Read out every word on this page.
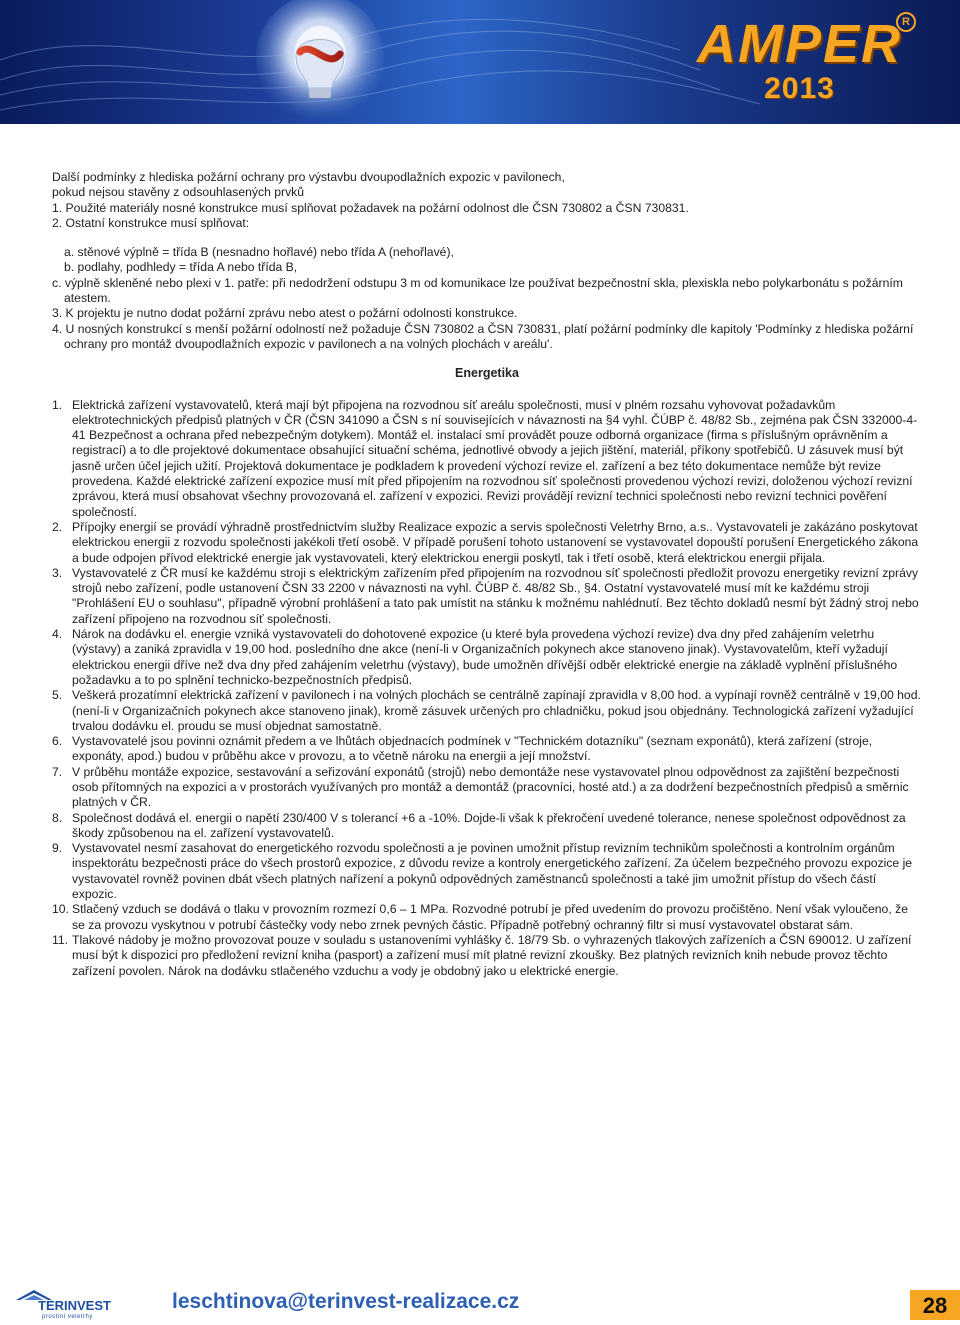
AMPER
2013
R

Další podmínky z hlediska požární ochrany pro výstavbu dvoupodlažních expozic v pavilonech,

pokud nejsou stavěny z odsouhlasených prvků

1. Použité materiály nosné konstrukce musí splňovat požadavek na požární odolnost dle ČSN 730802 a ČSN 730831.

2. Ostatní konstrukce musí splňovat:

a. stěnové výplně = třída B (nesnadno hořlavé) nebo třída A (nehořlavé),

b. podlahy, podhledy = třída A nebo třída B,

c. výplně skleněné nebo plexi v 1. patře: při nedodržení odstupu 3 m od komunikace lze používat bezpečnostní skla, plexiskla nebo polykarbonátu s požárním atestem.

3. K projektu je nutno dodat požární zprávu nebo atest o požární odolnosti konstrukce.

4. U nosných konstrukcí s menší požární odolností než požaduje ČSN 730802 a ČSN 730831, platí požární podmínky dle kapitoly 'Podmínky z hlediska požární ochrany pro montáž dvoupodlažních expozic v pavilonech a na volných plochách v areálu'.

Energetika
1. Elektrická zařízení vystavovatelů, která mají být připojena na rozvodnou síť areálu společnosti, musí v plném rozsahu vyhovovat požadavkům elektrotechnických předpisů platných v ČR (ČSN 341090 a ČSN s ní souvisejících v návaznosti na §4 vyhl. ČÚBP č. 48/82 Sb., zejména pak ČSN 332000-4-41 Bezpečnost a ochrana před nebezpečným dotykem). Montáž el. instalací smí provádět pouze odborná organizace (firma s příslušným oprávněním a registrací) a to dle projektové dokumentace obsahující situační schéma, jednotlivé obvody a jejich jištění, materiál, příkony spotřebičů. U zásuvek musí být jasně určen účel jejich užití. Projektová dokumentace je podkladem k provedení výchozí revize el. zařízení a bez této dokumentace nemůže být revize provedena. Každé elektrické zařízení expozice musí mít před připojením na rozvodnou síť společnosti provedenou výchozí revizi, doloženou výchozí revizní zprávou, která musí obsahovat všechny provozovaná el. zařízení v expozici. Revizi provádějí revizní technici společnosti nebo revizní technici pověření společností.
2. Přípojky energií se provádí výhradně prostřednictvím služby Realizace expozic a servis společnosti Veletrhy Brno, a.s.. Vystavovateli je zakázáno poskytovat elektrickou energii z rozvodu společnosti jakékoli třetí osobě. V případě porušení tohoto ustanovení se vystavovatel dopouští porušení Energetického zákona a bude odpojen přívod elektrické energie jak vystavovateli, který elektrickou energii poskytl, tak i třetí osobě, která elektrickou energii přijala.
3. Vystavovatelé z ČR musí ke každému stroji s elektrickým zařízením před připojením na rozvodnou síť společnosti předložit provozu energetiky revizní zprávy strojů nebo zařízení, podle ustanovení ČSN 33 2200 v návaznosti na vyhl. ČÚBP č. 48/82 Sb., §4. Ostatní vystavovatelé musí mít ke každému stroji "Prohlášení EU o souhlasu", případně výrobní prohlášení a tato pak umístit na stánku k možnému nahlédnutí. Bez těchto dokladů nesmí být žádný stroj nebo zařízení připojeno na rozvodnou síť společnosti.
4. Nárok na dodávku el. energie vzniká vystavovateli do dohotovené expozice (u které byla provedena výchozí revize) dva dny před zahájením veletrhu (výstavy) a zaniká zpravidla v 19,00 hod. posledního dne akce (není-li v Organizačních pokynech akce stanoveno jinak). Vystavovatelům, kteří vyžadují elektrickou energii dříve než dva dny před zahájením veletrhu (výstavy), bude umožněn dřívější odběr elektrické energie na základě vyplnění příslušného požadavku a to po splnění technicko-bezpečnostních předpisů.
5. Veškerá prozatímní elektrická zařízení v pavilonech i na volných plochách se centrálně zapínají zpravidla v 8,00 hod. a vypínají rovněž centrálně v 19,00 hod. (není-li v Organizačních pokynech akce stanoveno jinak), kromě zásuvek určených pro chladničku, pokud jsou objednány. Technologická zařízení vyžadující trvalou dodávku el. proudu se musí objednat samostatně.
6. Vystavovatelé jsou povinni oznámit předem a ve lhůtách objednacích podmínek v "Technickém dotazníku" (seznam exponátů), která zařízení (stroje, exponáty, apod.) budou v průběhu akce v provozu, a to včetně nároku na energii a její množství.
7. V průběhu montáže expozice, sestavování a seřizování exponátů (strojů) nebo demontáže nese vystavovatel plnou odpovědnost za zajištění bezpečnosti osob přítomných na expozici a v prostorách využívaných pro montáž a demontáž (pracovníci, hosté atd.) a za dodržení bezpečnostních předpisů a směrnic platných v ČR.
8. Společnost dodává el. energii o napětí 230/400 V s tolerancí +6 a -10%. Dojde-li však k překročení uvedené tolerance, nenese společnost odpovědnost za škody způsobenou na el. zařízení vystavovatelů.
9. Vystavovatel nesmí zasahovat do energetického rozvodu společnosti a je povinen umožnit přístup revizním technikům společnosti a kontrolním orgánům inspektorátu bezpečnosti práce do všech prostorů expozice, z důvodu revize a kontroly energetického zařízení. Za účelem bezpečného provozu expozice je vystavovatel rovněž povinen dbát všech platných nařízení a pokynů odpovědných zaměstnanců společnosti a také jim umožnit přístup do všech částí expozic.
10. Stlačený vzduch se dodává o tlaku v provozním rozmezí 0,6 – 1 MPa. Rozvodné potrubí je před uvedením do provozu pročištěno. Není však vyloučeno, že se za provozu vyskytnou v potrubí částečky vody nebo zrnek pevných částic. Případně potřebný ochranný filtr si musí vystavovatel obstarat sám.
11. Tlakové nádoby je možno provozovat pouze v souladu s ustanoveními vyhlášky č. 18/79 Sb. o vyhrazených tlakových zařízeních a ČSN 690012. U zařízení musí být k dispozici pro předložení revizní kniha (pasport) a zařízení musí mít platné revizní zkoušky. Bez platných revizních knih nebude provoz těchto zařízení povolen. Nárok na dodávku stlačeného vzduchu a vody je obdobný jako u elektrické energie.
TERINVEST
prostiní veletrhy
leschtinova@terinvest-realizace.cz	28
